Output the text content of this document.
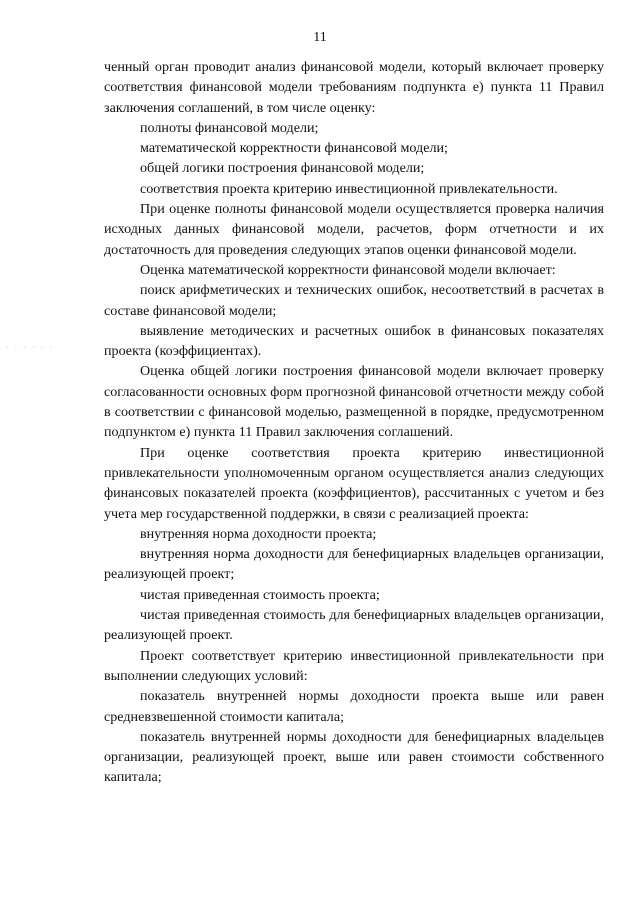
11
· · · · · ·

ченный орган проводит анализ финансовой модели, который включает проверку соответствия финансовой модели требованиям подпункта е) пункта 11 Правил заключения соглашений, в том числе оценку:

полноты финансовой модели;

математической корректности финансовой модели;

общей логики построения финансовой модели;

соответствия проекта критерию инвестиционной привлекательности.

При оценке полноты финансовой модели осуществляется проверка наличия исходных данных финансовой модели, расчетов, форм отчетности и их достаточность для проведения следующих этапов оценки финансовой модели.

Оценка математической корректности финансовой модели включает:

поиск арифметических и технических ошибок, несоответствий в расчетах в составе финансовой модели;

выявление методических и расчетных ошибок в финансовых показателях проекта (коэффициентах).

Оценка общей логики построения финансовой модели включает проверку согласованности основных форм прогнозной финансовой отчетности между собой в соответствии с финансовой моделью, размещенной в порядке, предусмотренном подпунктом е) пункта 11 Правил заключения соглашений.

При оценке соответствия проекта критерию инвестиционной привлекательности уполномоченным органом осуществляется анализ следующих финансовых показателей проекта (коэффициентов), рассчитанных с учетом и без учета мер государственной поддержки, в связи с реализацией проекта:

внутренняя норма доходности проекта;

внутренняя норма доходности для бенефициарных владельцев организации, реализующей проект;

чистая приведенная стоимость проекта;

чистая приведенная стоимость для бенефициарных владельцев организации, реализующей проект.

Проект соответствует критерию инвестиционной привлекательности при выполнении следующих условий:

показатель внутренней нормы доходности проекта выше или равен средневзвешенной стоимости капитала;

показатель внутренней нормы доходности для бенефициарных владельцев организации, реализующей проект, выше или равен стоимости собственного капитала;
